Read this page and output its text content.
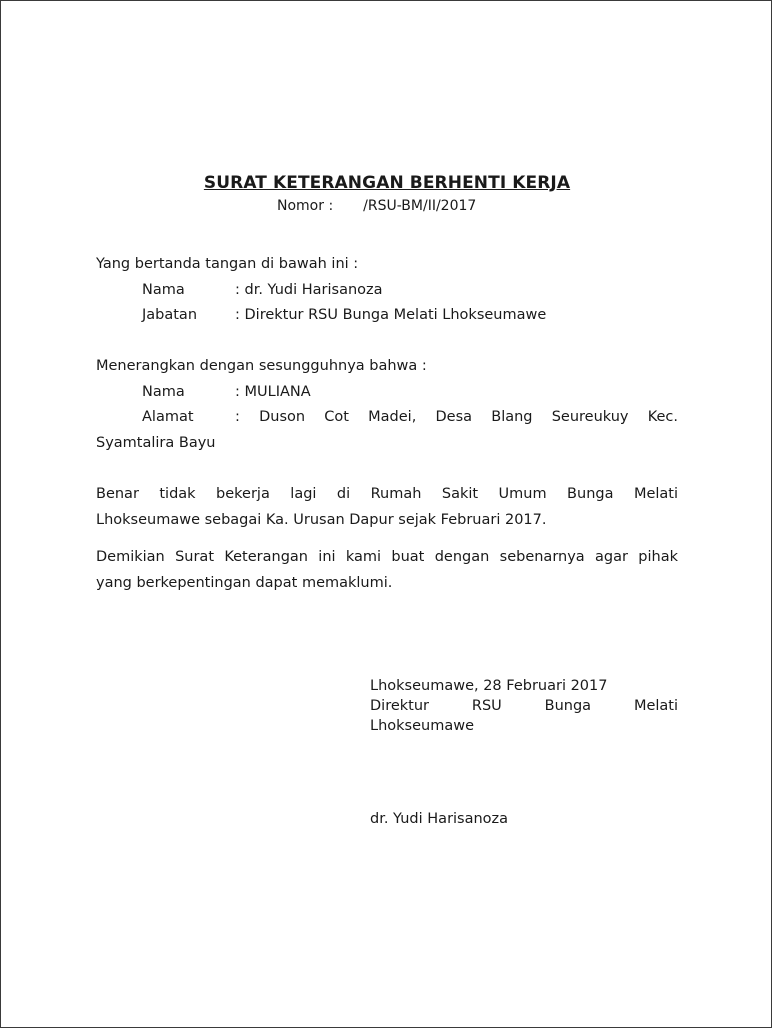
SURAT KETERANGAN BERHENTI KERJA
Nomor : /RSU-BM/II/2017
Yang bertanda tangan di bawah ini :
Nama	: dr. Yudi Harisanoza
Jabatan	: Direktur RSU Bunga Melati Lhokseumawe
Menerangkan dengan sesungguhnya bahwa :
Nama	: MULIANA
Alamat	: Duson Cot Madei, Desa Blang Seureukuy Kec.
Syamtalira Bayu
Benar tidak bekerja lagi di Rumah Sakit Umum Bunga Melati
Lhokseumawe sebagai Ka. Urusan Dapur sejak Februari 2017.
Demikian Surat Keterangan ini kami buat dengan sebenarnya agar pihak
yang berkepentingan dapat memaklumi.
Lhokseumawe, 28 Februari 2017
Direktur RSU Bunga Melati
Lhokseumawe
dr. Yudi Harisanoza
